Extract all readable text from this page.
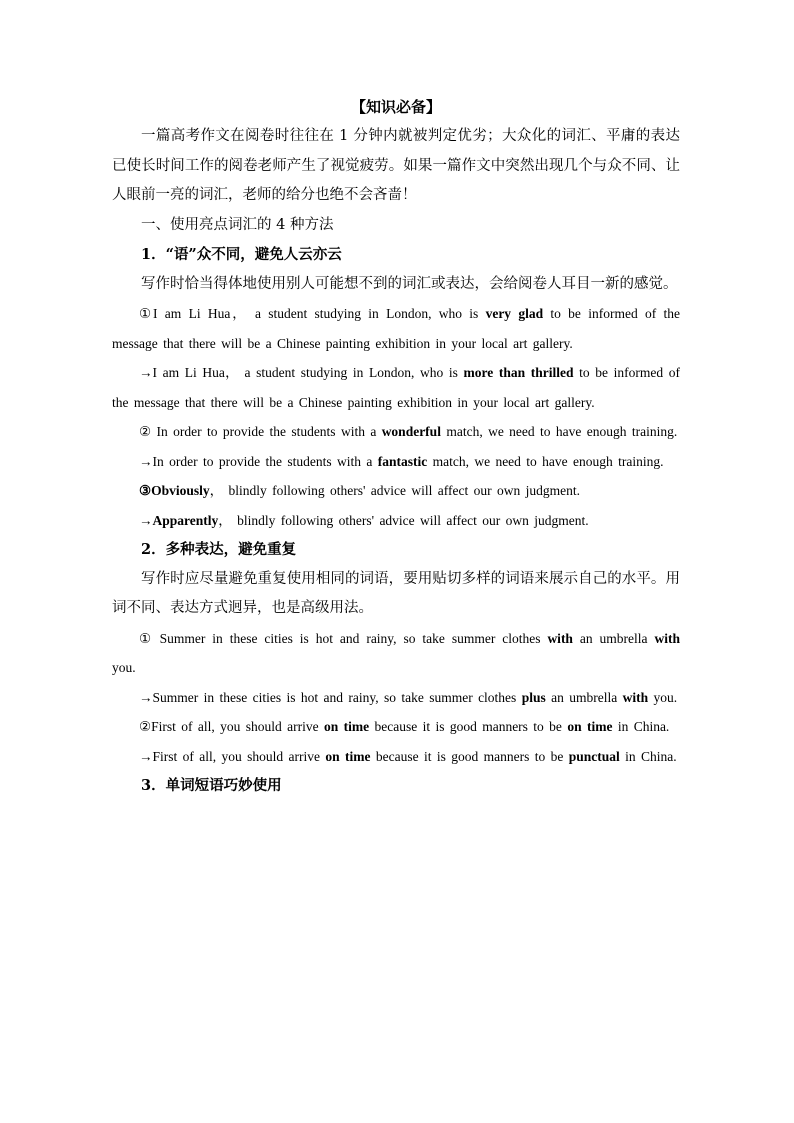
【知识必备】

一篇高考作文在阅卷时往往在 1 分钟内就被判定优劣；大众化的词汇、平庸的表达已使长时间工作的阅卷老师产生了视觉疲劳。如果一篇作文中突然出现几个与众不同、让人眼前一亮的词汇，老师的给分也绝不会吝啬！

一、使用亮点词汇的 4 种方法

1．“语”众不同，避免人云亦云

写作时恰当得体地使用别人可能想不到的词汇或表达，会给阅卷人耳目一新的感觉。

①I am Li Hua， a student studying in London, who is very glad to be informed of the message that there will be a Chinese painting exhibition in your local art gallery.

→I am Li Hua， a student studying in London, who is more than thrilled to be informed of the message that there will be a Chinese painting exhibition in your local art gallery.

② In order to provide the students with a wonderful match, we need to have enough training.

→In order to provide the students with a fantastic match, we need to have enough training.

③Obviously， blindly following others' advice will affect our own judgment.

→Apparently， blindly following others' advice will affect our own judgment.

2．多种表达，避免重复

写作时应尽量避免重复使用相同的词语，要用贴切多样的词语来展示自己的水平。用词不同、表达方式迥异，也是高级用法。

① Summer in these cities is hot and rainy, so take summer clothes with an umbrella with you.

→Summer in these cities is hot and rainy, so take summer clothes plus an umbrella with you.

②First of all, you should arrive on time because it is good manners to be on time in China.

→First of all, you should arrive on time because it is good manners to be punctual in China.

3．单词短语巧妙使用
